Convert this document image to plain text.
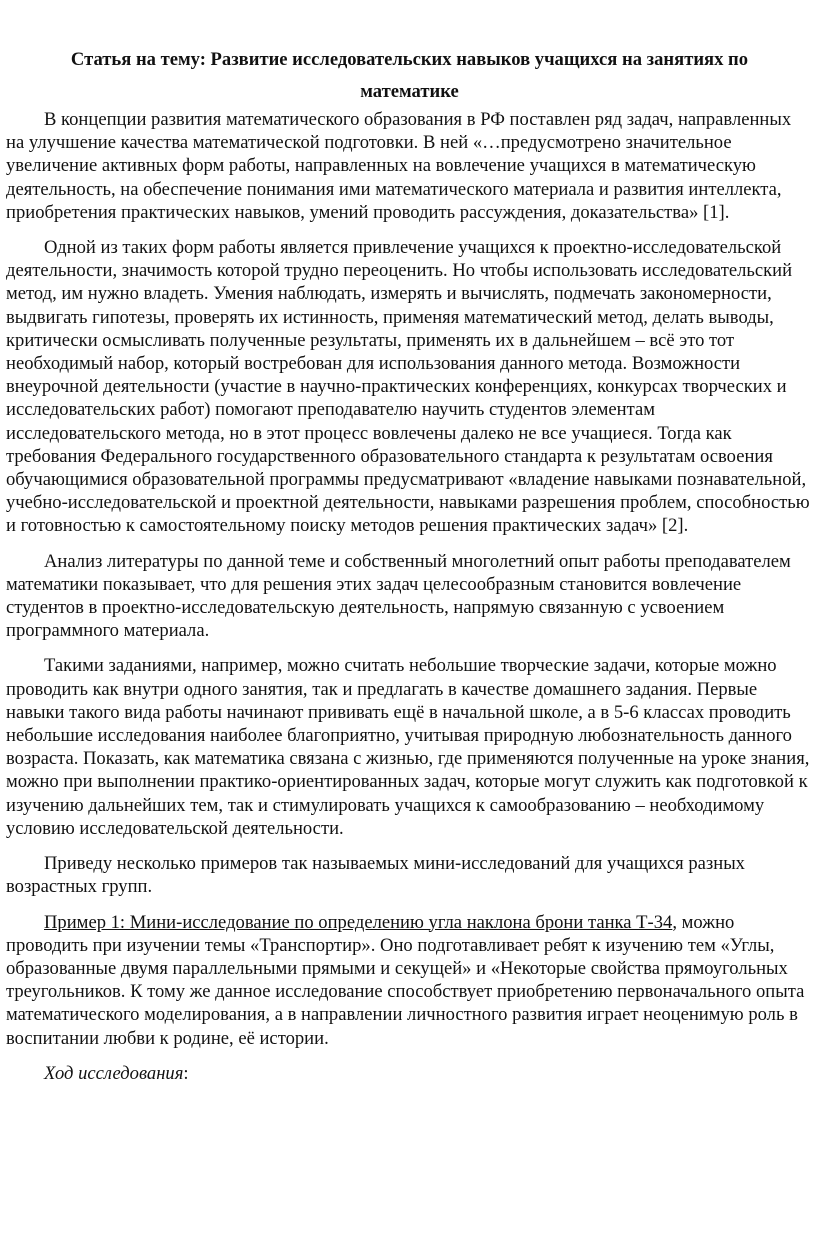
Статья на тему: Развитие исследовательских навыков учащихся на занятиях по
математике

В концепции развития математического образования в РФ поставлен ряд задач, направленных на улучшение качества математической подготовки. В ней «…предусмотрено значительное увеличение активных форм работы, направленных на вовлечение учащихся в математическую деятельность, на обеспечение понимания ими математического материала и развития интеллекта, приобретения практических навыков, умений проводить рассуждения, доказательства» [1].

Одной из таких форм работы является привлечение учащихся к проектно-исследовательской деятельности, значимость которой трудно переоценить. Но чтобы использовать исследовательский метод, им нужно владеть. Умения наблюдать, измерять и вычислять, подмечать закономерности, выдвигать гипотезы, проверять их истинность, применяя математический метод, делать выводы, критически осмысливать полученные результаты, применять их в дальнейшем – всё это тот необходимый набор, который востребован для использования данного метода. Возможности внеурочной деятельности (участие в научно-практических конференциях, конкурсах творческих и исследовательских работ) помогают преподавателю научить студентов элементам исследовательского метода, но в этот процесс вовлечены далеко не все учащиеся. Тогда как требования Федерального государственного образовательного стандарта к результатам освоения обучающимися образовательной программы предусматривают «владение навыками познавательной, учебно-исследовательской и проектной деятельности, навыками разрешения проблем, способностью и готовностью к самостоятельному поиску методов решения практических задач» [2].

Анализ литературы по данной теме и собственный многолетний опыт работы преподавателем математики показывает, что для решения этих задач целесообразным становится вовлечение студентов в проектно-исследовательскую деятельность, напрямую связанную с усвоением программного материала.

Такими заданиями, например, можно считать небольшие творческие задачи, которые можно проводить как внутри одного занятия, так и предлагать в качестве домашнего задания. Первые навыки такого вида работы начинают прививать ещё в начальной школе, а в 5-6 классах проводить небольшие исследования наиболее благоприятно, учитывая природную любознательность данного возраста. Показать, как математика связана с жизнью, где применяются полученные на уроке знания, можно при выполнении практико-ориентированных задач, которые могут служить как подготовкой к изучению дальнейших тем, так и стимулировать учащихся к самообразованию – необходимому условию исследовательской деятельности.

Приведу несколько примеров так называемых мини-исследований для учащихся разных возрастных групп.

Пример 1: Мини-исследование по определению угла наклона брони танка Т-34, можно проводить при изучении темы «Транспортир». Оно подготавливает ребят к изучению тем «Углы, образованные двумя параллельными прямыми и секущей» и «Некоторые свойства прямоугольных треугольников. К тому же данное исследование способствует приобретению первоначального опыта математического моделирования, а в направлении личностного развития играет неоценимую роль в воспитании любви к родине, её истории.

Ход исследования:
